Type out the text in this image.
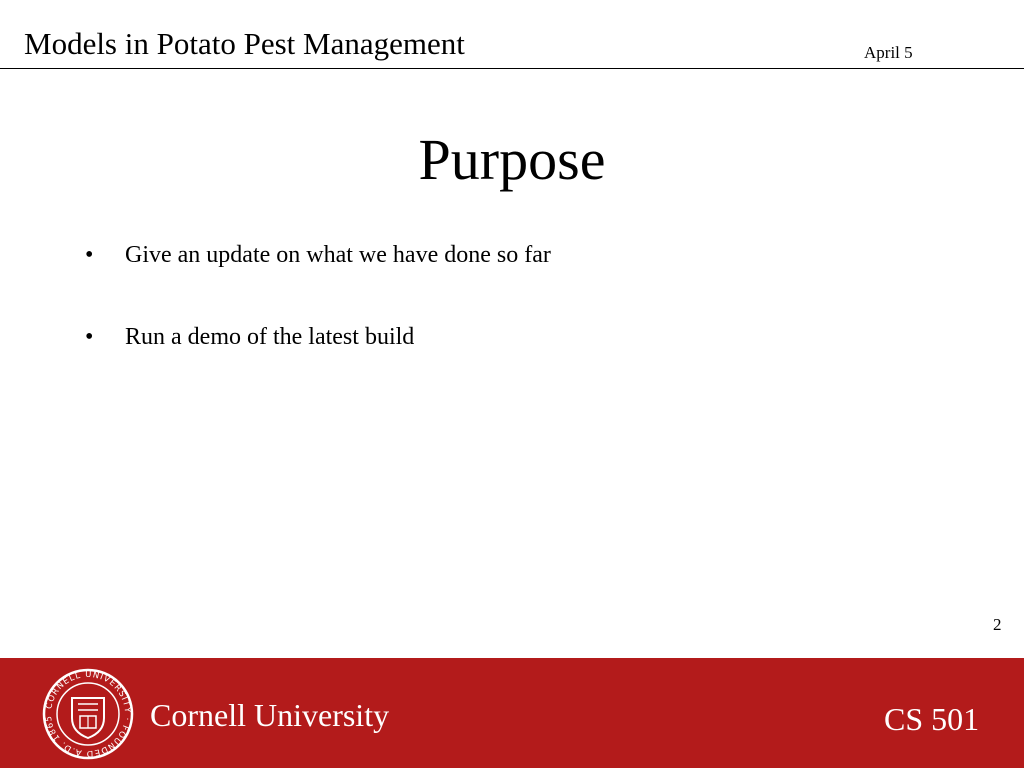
Models in Potato Pest Management	April 5
Purpose
• Give an update on what we have done so far
• Run a demo of the latest build
2
CORNELL UNIVERSITY · FOUNDED A.D. 1865	Cornell University	CS 501
